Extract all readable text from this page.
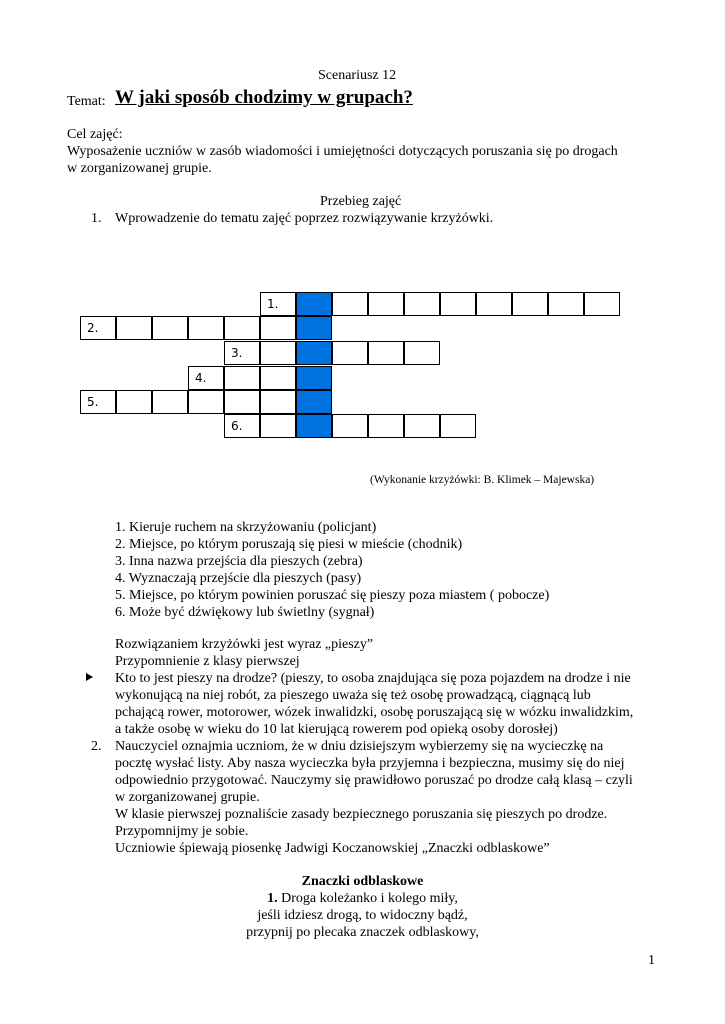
Scenariusz 12
Temat: W jaki sposób chodzimy w grupach?
Cel zajęć:
Wyposażenie uczniów w zasób wiadomości i umiejętności dotyczących poruszania się po drogach
w zorganizowanej grupie.
Przebieg zajęć
1. Wprowadzenie do tematu zajęć poprzez rozwiązywanie krzyżówki.
1.
2.
3.
4.
5.
6.
(Wykonanie krzyżówki: B. Klimek – Majewska)
1. Kieruje ruchem na skrzyżowaniu (policjant)
2. Miejsce, po którym poruszają się piesi w mieście (chodnik)
3. Inna nazwa przejścia dla pieszych (zebra)
4. Wyznaczają przejście dla pieszych (pasy)
5. Miejsce, po którym powinien poruszać się pieszy poza miastem ( pobocze)
6. Może być dźwiękowy lub świetlny (sygnał)
Rozwiązaniem krzyżówki jest wyraz „pieszy”
Przypomnienie z klasy pierwszej
Kto to jest pieszy na drodze? (pieszy, to osoba znajdująca się poza pojazdem na drodze i nie
wykonującą na niej robót, za pieszego uważa się też osobę prowadzącą, ciągnącą lub
pchającą rower, motorower, wózek inwalidzki, osobę poruszającą się w wózku inwalidzkim,
a także osobę w wieku do 10 lat kierującą rowerem pod opieką osoby dorosłej)
2. Nauczyciel oznajmia uczniom, że w dniu dzisiejszym wybierzemy się na wycieczkę na
pocztę wysłać listy. Aby nasza wycieczka była przyjemna i bezpieczna, musimy się do niej
odpowiednio przygotować. Nauczymy się prawidłowo poruszać po drodze całą klasą – czyli
w zorganizowanej grupie.
W klasie pierwszej poznaliście zasady bezpiecznego poruszania się pieszych po drodze.
Przypomnijmy je sobie.
Uczniowie śpiewają piosenkę Jadwigi Koczanowskiej „Znaczki odblaskowe”
Znaczki odblaskowe
1. Droga koleżanko i kolego miły,
jeśli idziesz drogą, to widoczny bądź,
przypnij po plecaka znaczek odblaskowy,
1
